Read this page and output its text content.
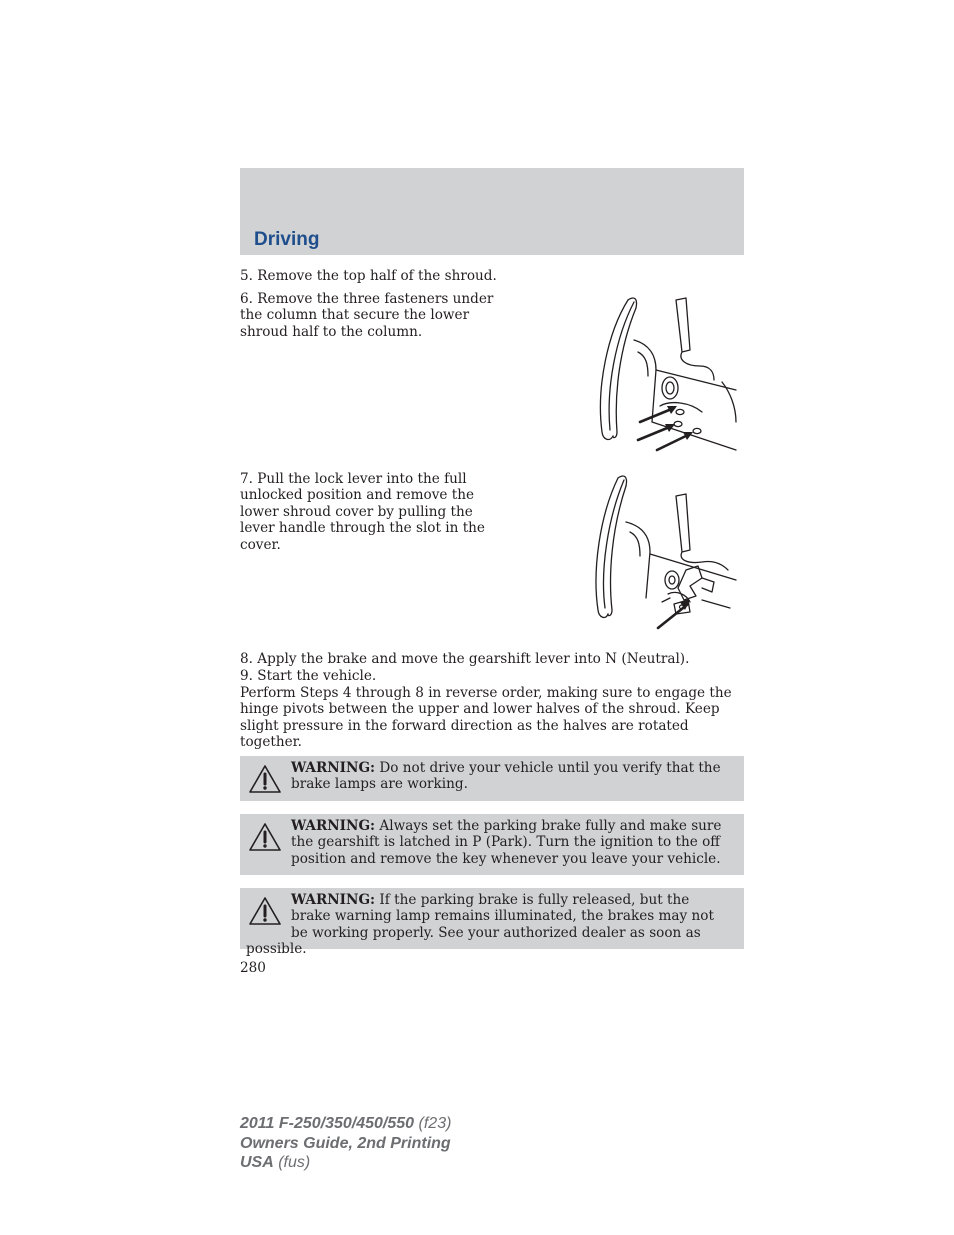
Driving

5. Remove the top half of the shroud.

6. Remove the three fasteners under the column that secure the lower shroud half to the column.

7. Pull the lock lever into the full unlocked position and remove the lower shroud cover by pulling the lever handle through the slot in the cover.

8. Apply the brake and move the gearshift lever into N (Neutral).

9. Start the vehicle.

Perform Steps 4 through 8 in reverse order, making sure to engage the hinge pivots between the upper and lower halves of the shroud. Keep slight pressure in the forward direction as the halves are rotated together.

WARNING: Do not drive your vehicle until you verify that the brake lamps are working.
WARNING: Always set the parking brake fully and make sure the gearshift is latched in P (Park). Turn the ignition to the off position and remove the key whenever you leave your vehicle.
WARNING: If the parking brake is fully released, but the brake warning lamp remains illuminated, the brakes may not be working properly. See your authorized dealer as soon as possible.
280
2011 F-250/350/450/550 (f23)
Owners Guide, 2nd Printing
USA (fus)
